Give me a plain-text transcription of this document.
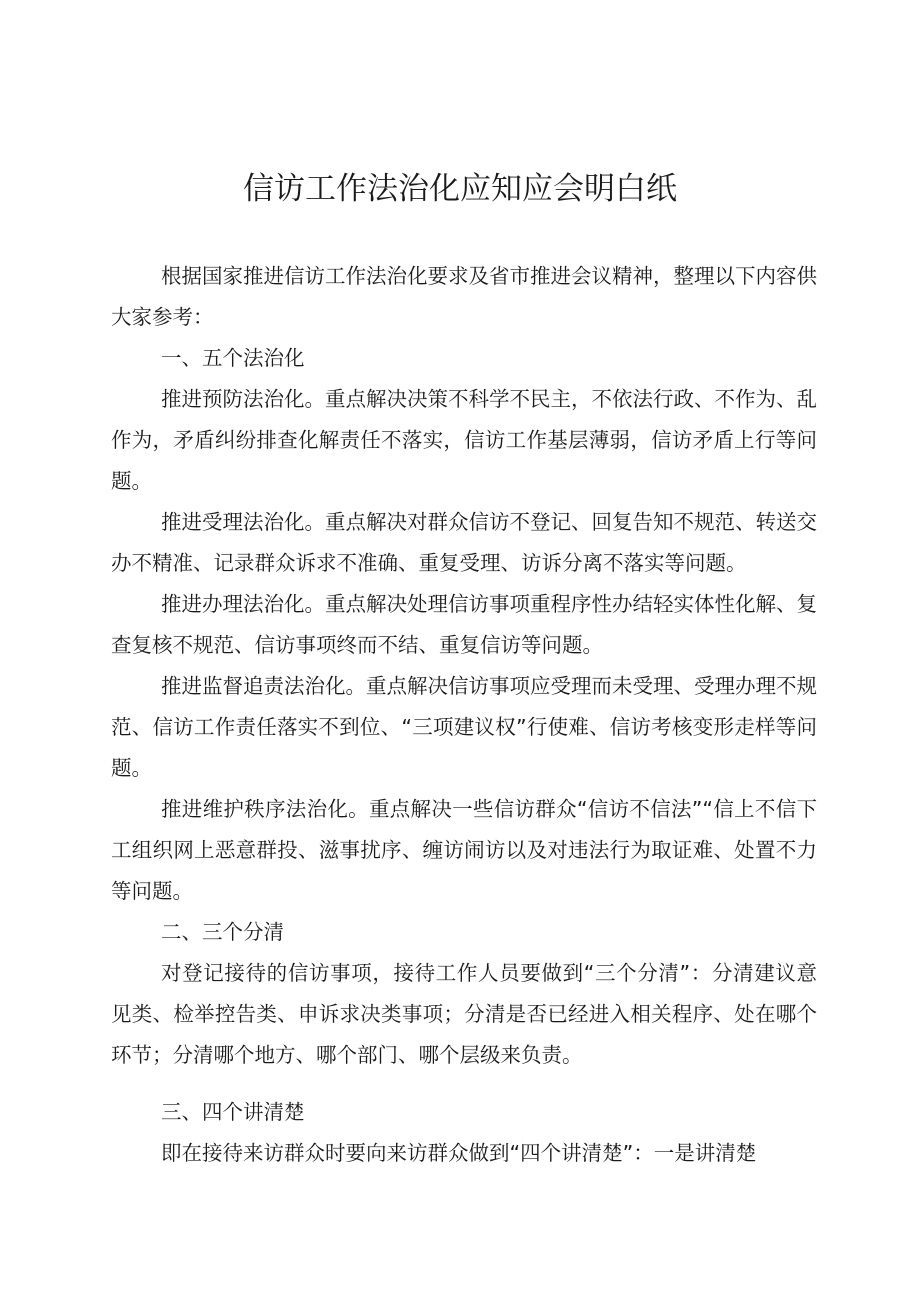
信访工作法治化应知应会明白纸

根据国家推进信访工作法治化要求及省市推进会议精神，整理以下内容供大家参考：

一、五个法治化

推进预防法治化。重点解决决策不科学不民主，不依法行政、不作为、乱作为，矛盾纠纷排查化解责任不落实，信访工作基层薄弱，信访矛盾上行等问题。

推进受理法治化。重点解决对群众信访不登记、回复告知不规范、转送交办不精准、记录群众诉求不准确、重复受理、访诉分离不落实等问题。

推进办理法治化。重点解决处理信访事项重程序性办结轻实体性化解、复查复核不规范、信访事项终而不结、重复信访等问题。

推进监督追责法治化。重点解决信访事项应受理而未受理、受理办理不规范、信访工作责任落实不到位、“三项建议权”行使难、信访考核变形走样等问题。

推进维护秩序法治化。重点解决一些信访群众“信访不信法”“信上不信下工组织网上恶意群投、滋事扰序、缠访闹访以及对违法行为取证难、处置不力等问题。

二、三个分清

对登记接待的信访事项，接待工作人员要做到“三个分清”：分清建议意见类、检举控告类、申诉求决类事项；分清是否已经进入相关程序、处在哪个环节；分清哪个地方、哪个部门、哪个层级来负责。

三、四个讲清楚

即在接待来访群众时要向来访群众做到“四个讲清楚”：一是讲清楚
